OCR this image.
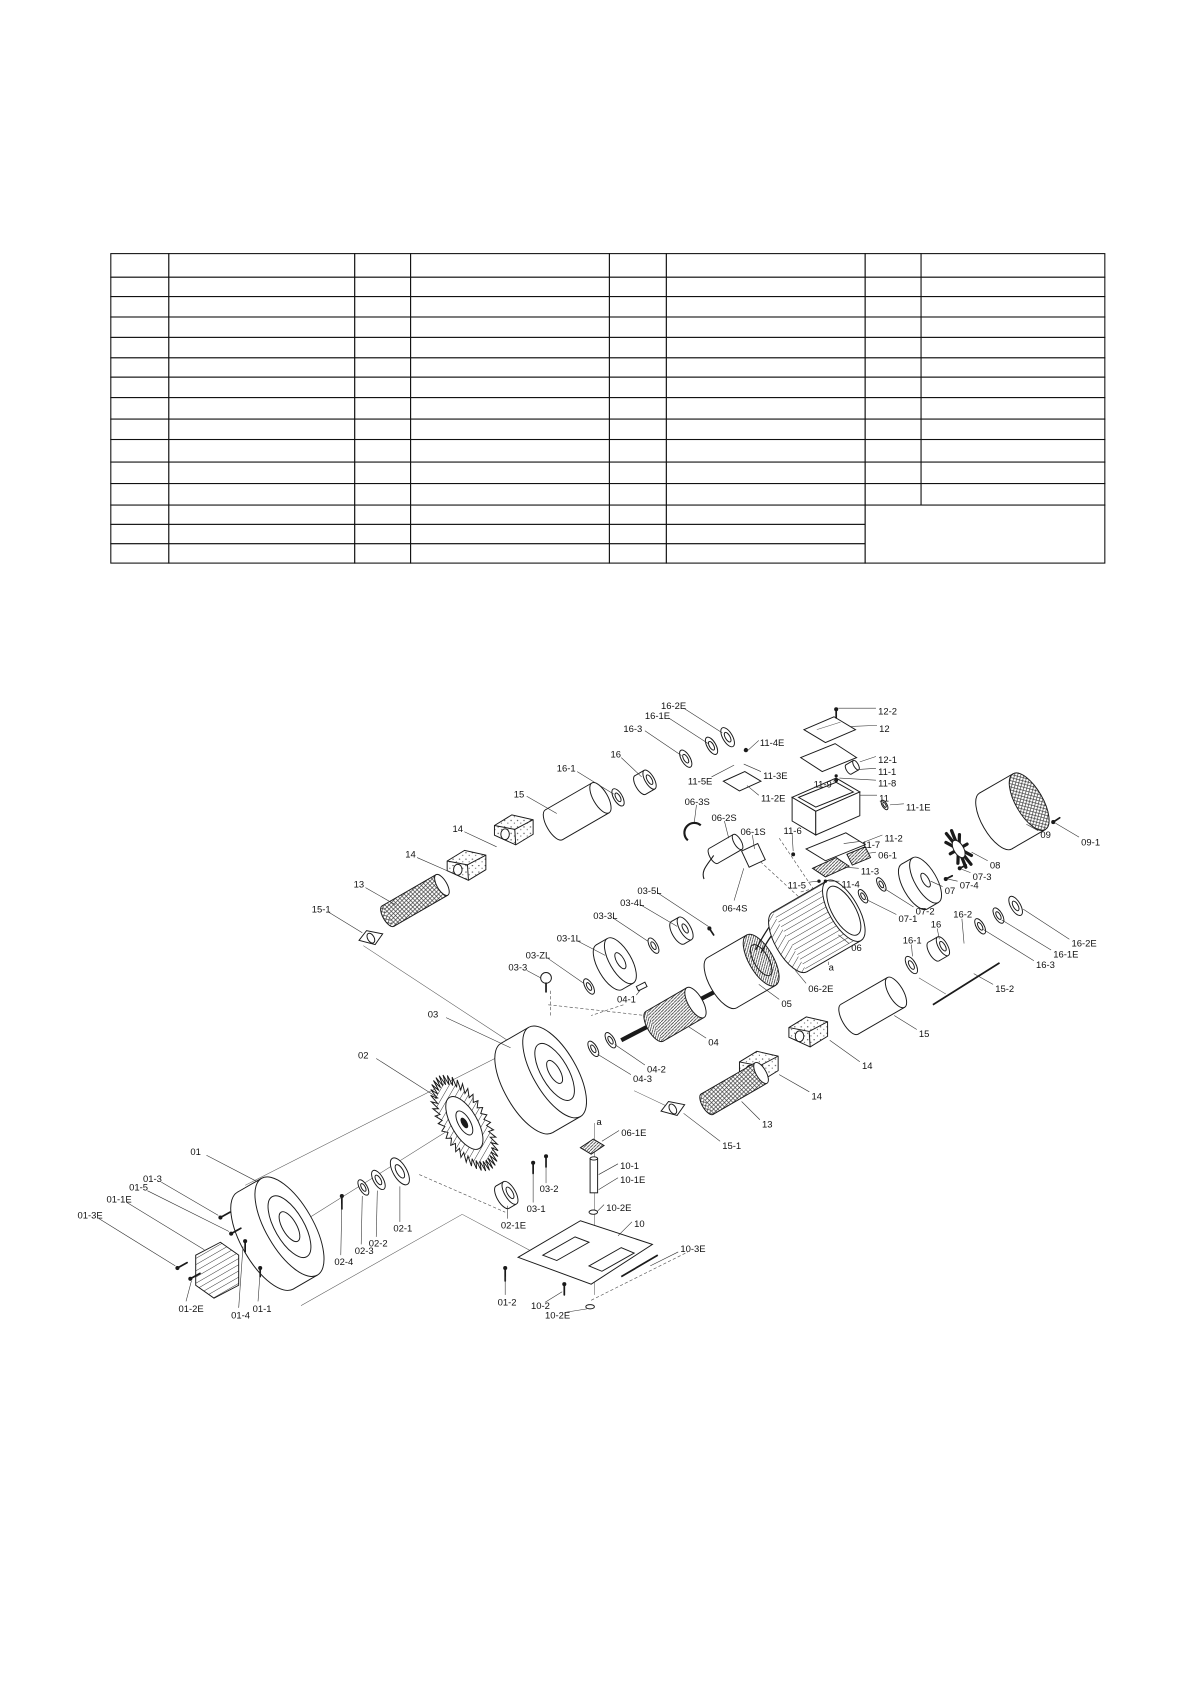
16-2E
16-1E
16-3
11-4E
12-2
12
16
11-3E
11-5E
12-1
11-1
11-8
11-9
16-1
15	11-2E	11
11-1E
06-3S
06-2S
09-1
09
11-6
14	06-1S
11-7
11-2
06-1
08
07-3
11-3
14
11-5	11-4
07 07-4
07-2
07-1
13
03-5L
03-4L	06-4S
15-1
03-3L	16-2
16
16-1
06	16-2E
16-1E
16-3
03-1L
03-ZL
03-3	a
06-2E	15-2
04-1	05
03
04
15
02
04-2
04-3
14
14
13
a
06-1E
15-1
01
10-1
10-1E
01-3
01-5	03-2
01-1E
02-1
02-2
02-3
10-2E
10
03-1
01-3E
02-1E
02-4
10-3E
01-2E
01-4
01-1
01-2 10-2
10-2E
